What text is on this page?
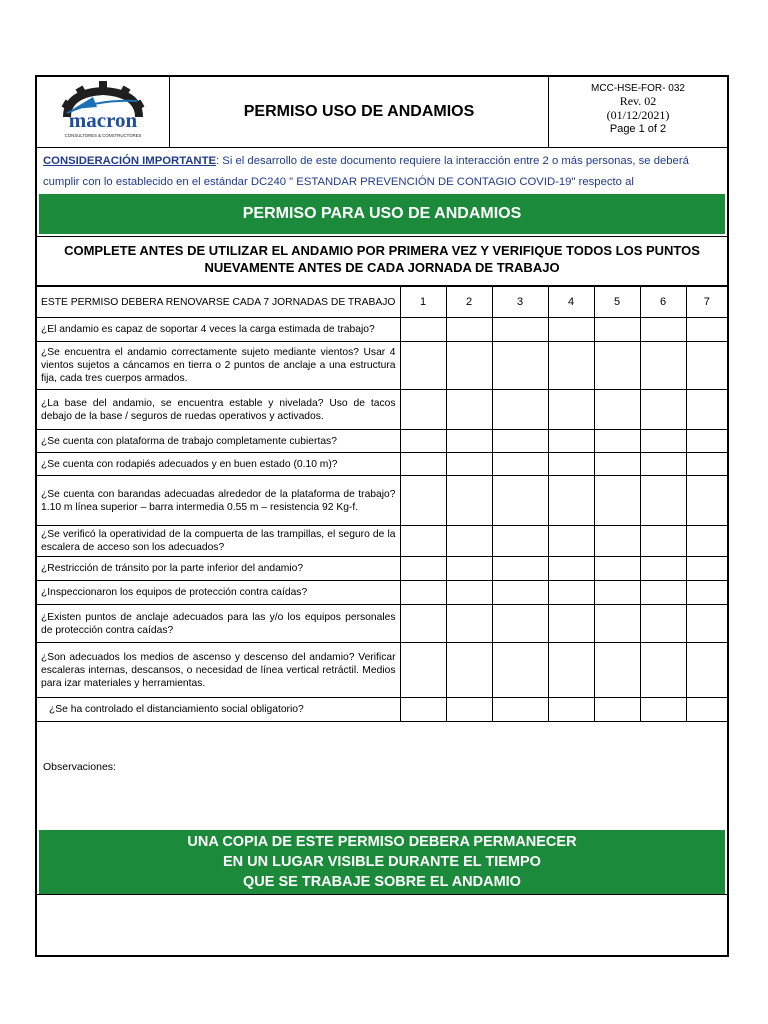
macron
CONSULTORES & CONSTRUCTORES
PERMISO USO DE ANDAMIOS
MCC-HSE-FOR- 032
Rev. 02
(01/12/2021)
Page 1 of 2
CONSIDERACIÓN IMPORTANTE: Si el desarrollo de este documento requiere la interacción entre 2 o más personas, se deberá cumplir con lo establecido en el estándar DC240 " ESTANDAR PREVENCIÓN DE CONTAGIO COVID-19" respecto al
PERMISO PARA USO DE ANDAMIOS
COMPLETE ANTES DE UTILIZAR EL ANDAMIO POR PRIMERA VEZ Y VERIFIQUE TODOS LOS PUNTOS
NUEVAMENTE ANTES DE CADA JORNADA DE TRABAJO
ESTE PERMISO DEBERA RENOVARSE CADA 7 JORNADAS DE TRABAJO	1	2	3	4	5	6	7
¿El andamio es capaz de soportar 4 veces la carga estimada de trabajo?							
¿Se encuentra el andamio correctamente sujeto mediante vientos? Usar 4 vientos sujetos a cáncamos en tierra o 2 puntos de anclaje a una estructura fija, cada tres cuerpos armados.							
¿La base del andamio, se encuentra estable y nivelada? Uso de tacos debajo de la base / seguros de ruedas operativos y activados.							
¿Se cuenta con plataforma de trabajo completamente cubiertas?							
¿Se cuenta con rodapiés adecuados y en buen estado (0.10 m)?							
¿Se cuenta con barandas adecuadas alrededor de la plataforma de trabajo? 1.10 m línea superior – barra intermedia 0.55 m – resistencia 92 Kg-f.							
¿Se verificó la operatividad de la compuerta de las trampillas, el seguro de la escalera de acceso son los adecuados?							
¿Restricción de tránsito por la parte inferior del andamio?							
¿Inspeccionaron los equipos de protección contra caídas?							
¿Existen puntos de anclaje adecuados para las y/o los equipos personales de protección contra caídas?							
¿Son adecuados los medios de ascenso y descenso del andamio? Verificar escaleras internas, descansos, o necesidad de línea vertical retráctil. Medios para izar materiales y herramientas.							
¿Se ha controlado el distanciamiento social obligatorio?							
Observaciones:
UNA COPIA DE ESTE PERMISO DEBERA PERMANECER
EN UN LUGAR VISIBLE DURANTE EL TIEMPO
QUE SE TRABAJE SOBRE EL ANDAMIO
